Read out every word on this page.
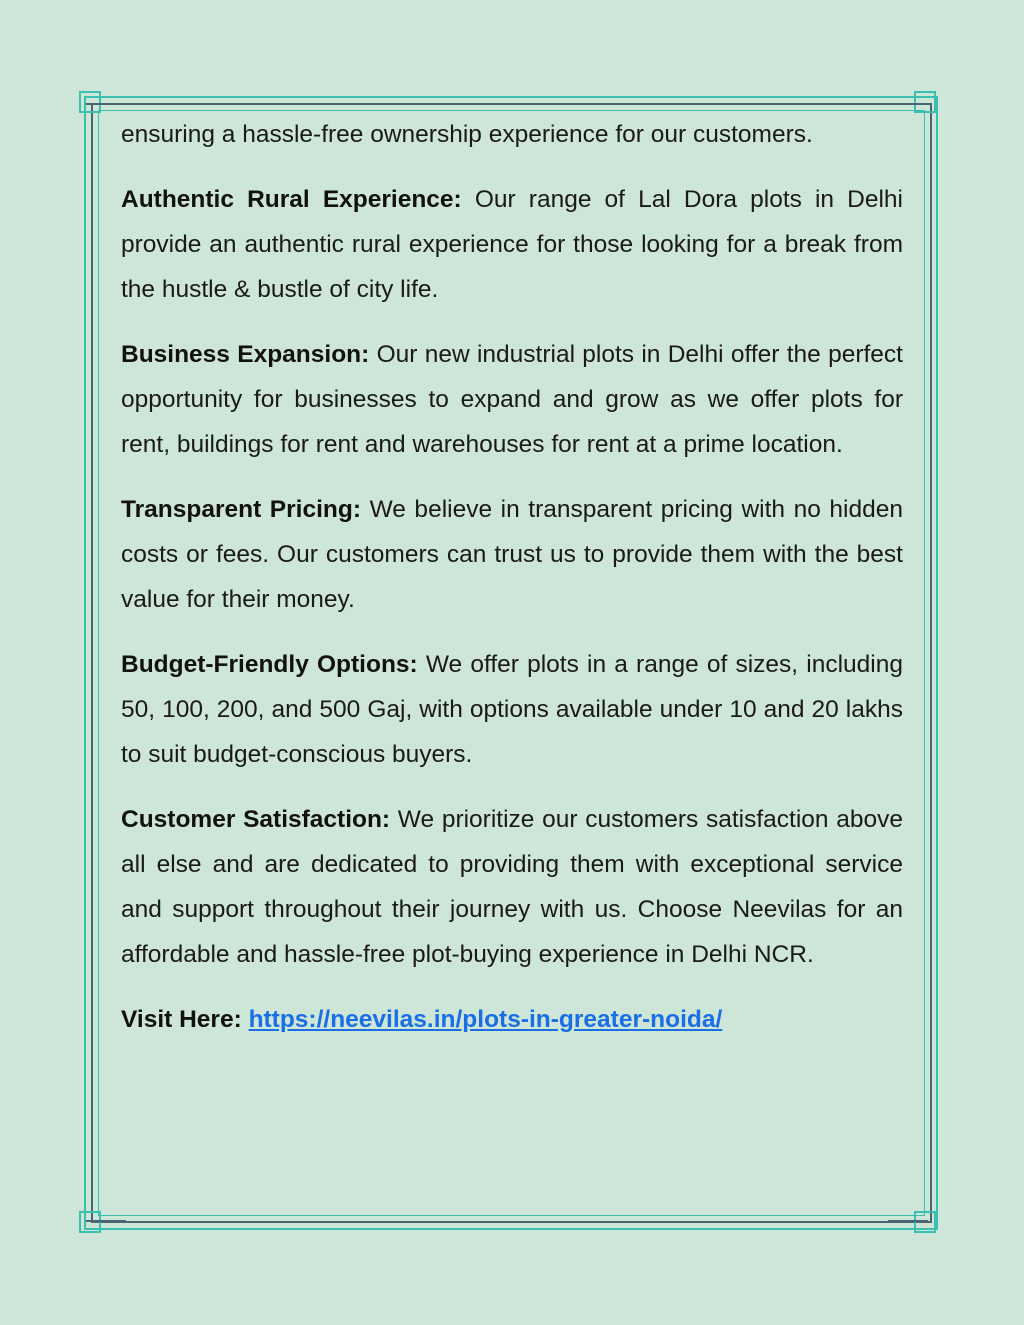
ensuring a hassle-free ownership experience for our customers.

Authentic Rural Experience: Our range of Lal Dora plots in Delhi provide an authentic rural experience for those looking for a break from the hustle & bustle of city life.

Business Expansion: Our new industrial plots in Delhi offer the perfect opportunity for businesses to expand and grow as we offer plots for rent, buildings for rent and warehouses for rent at a prime location.

Transparent Pricing: We believe in transparent pricing with no hidden costs or fees. Our customers can trust us to provide them with the best value for their money.

Budget-Friendly Options: We offer plots in a range of sizes, including 50, 100, 200, and 500 Gaj, with options available under 10 and 20 lakhs to suit budget-conscious buyers.

Customer Satisfaction: We prioritize our customers satisfaction above all else and are dedicated to providing them with exceptional service and support throughout their journey with us. Choose Neevilas for an affordable and hassle-free plot-buying experience in Delhi NCR.

Visit Here: https://neevilas.in/plots-in-greater-noida/
